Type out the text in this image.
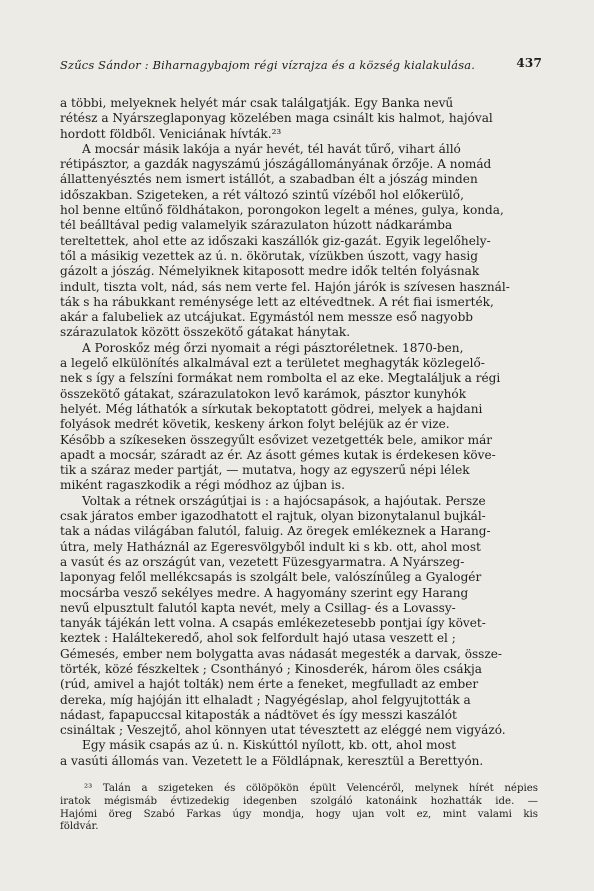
Szűcs Sándor : Biharnagybajom régi vízrajza és a község kialakulása.	437
a többi, melyeknek helyét már csak találgatják. Egy Banka nevű
rétész a Nyárszeglaponyag közelében maga csinált kis halmot, hajóval
hordott földből. Veniciának hívták.²³
A mocsár másik lakója a nyár hevét, tél havát tűrő, vihart álló
rétipásztor, a gazdák nagyszámú jószágállományának őrzője. A nomád
állattenyésztés nem ismert istállót, a szabadban élt a jószág minden
időszakban. Szigeteken, a rét változó szintű vízéből hol előkerülő,
hol benne eltűnő földhátakon, porongokon legelt a ménes, gulya, konda,
tél beálltával pedig valamelyik szárazulaton húzott nádkarámba
tereltettek, ahol ette az időszaki kaszállók giz-gazát. Egyik legelőhely-
től a másikig vezettek az ú. n. ökörutak, vízükben úszott, vagy hasig
gázolt a jószág. Némelyiknek kitaposott medre idők teltén folyásnak
indult, tiszta volt, nád, sás nem verte fel. Hajón járók is szívesen használ-
ták s ha rábukkant reménysége lett az eltévedtnek. A rét fiai ismerték,
akár a falubeliek az utcájukat. Egymástól nem messze eső nagyobb
szárazulatok között összekötő gátakat hánytak.
A Poroskőz még őrzi nyomait a régi pásztoréletnek. 1870-ben,
a legelő elkülönítés alkalmával ezt a területet meghagyták közlegelő-
nek s így a felszíni formákat nem rombolta el az eke. Megtaláljuk a régi
összekötő gátakat, szárazulatokon levő karámok, pásztor kunyhók
helyét. Még láthatók a sírkutak bekoptatott gödrei, melyek a hajdani
folyások medrét követik, keskeny árkon folyt beléjük az ér vize.
Később a szíkeseken összegyűlt esővizet vezetgették bele, amikor már
apadt a mocsár, száradt az ér. Az ásott gémes kutak is érdekesen köve-
tik a száraz meder partját, — mutatva, hogy az egyszerű népi lélek
miként ragaszkodik a régi módhoz az újban is.
Voltak a rétnek országútjai is : a hajócsapások, a hajóutak. Persze
csak járatos ember igazodhatott el rajtuk, olyan bizonytalanul bujkál-
tak a nádas világában falutól, faluig. Az öregek emlékeznek a Harang-
útra, mely Hatháznál az Egeresvölgyből indult ki s kb. ott, ahol most
a vasút és az országút van, vezetett Füzesgyarmatra. A Nyárszeg-
laponyag felől mellékcsapás is szolgált bele, valószínűleg a Gyalogér
mocsárba vesző sekélyes medre. A hagyomány szerint egy Harang
nevű elpusztult falutól kapta nevét, mely a Csillag- és a Lovassy-
tanyák tájékán lett volna. A csapás emlékezetesebb pontjai így követ-
keztek : Haláltekeredő, ahol sok felfordult hajó utasa veszett el ;
Gémesés, ember nem bolygatta avas nádasát megesték a darvak, össze-
törték, közé fészkeltek ; Csonthányó ; Kinosderék, három öles csákja
(rúd, amivel a hajót tolták) nem érte a feneket, megfulladt az ember
dereka, míg hajóján itt elhaladt ; Nagyégéslap, ahol felgyujtották a
nádast, fapapuccsal kitaposták a nádtövet és így messzi kaszálót
csináltak ; Veszejtő, ahol könnyen utat tévesztett az eléggé nem vigyázó.
Egy másik csapás az ú. n. Kiskúttól nyílott, kb. ott, ahol most
a vasúti állomás van. Vezetett le a Földlápnak, keresztül a Berettyón.
²³ Talán a szigeteken és cölöpökön épült Velencéről, melynek hírét népies
iratok mégismáb évtizedekig idegenben szolgáló katonáink hozhatták ide. —
Hajómi öreg Szabó Farkas úgy mondja, hogy ujan volt ez, mint valami kis
földvár.
